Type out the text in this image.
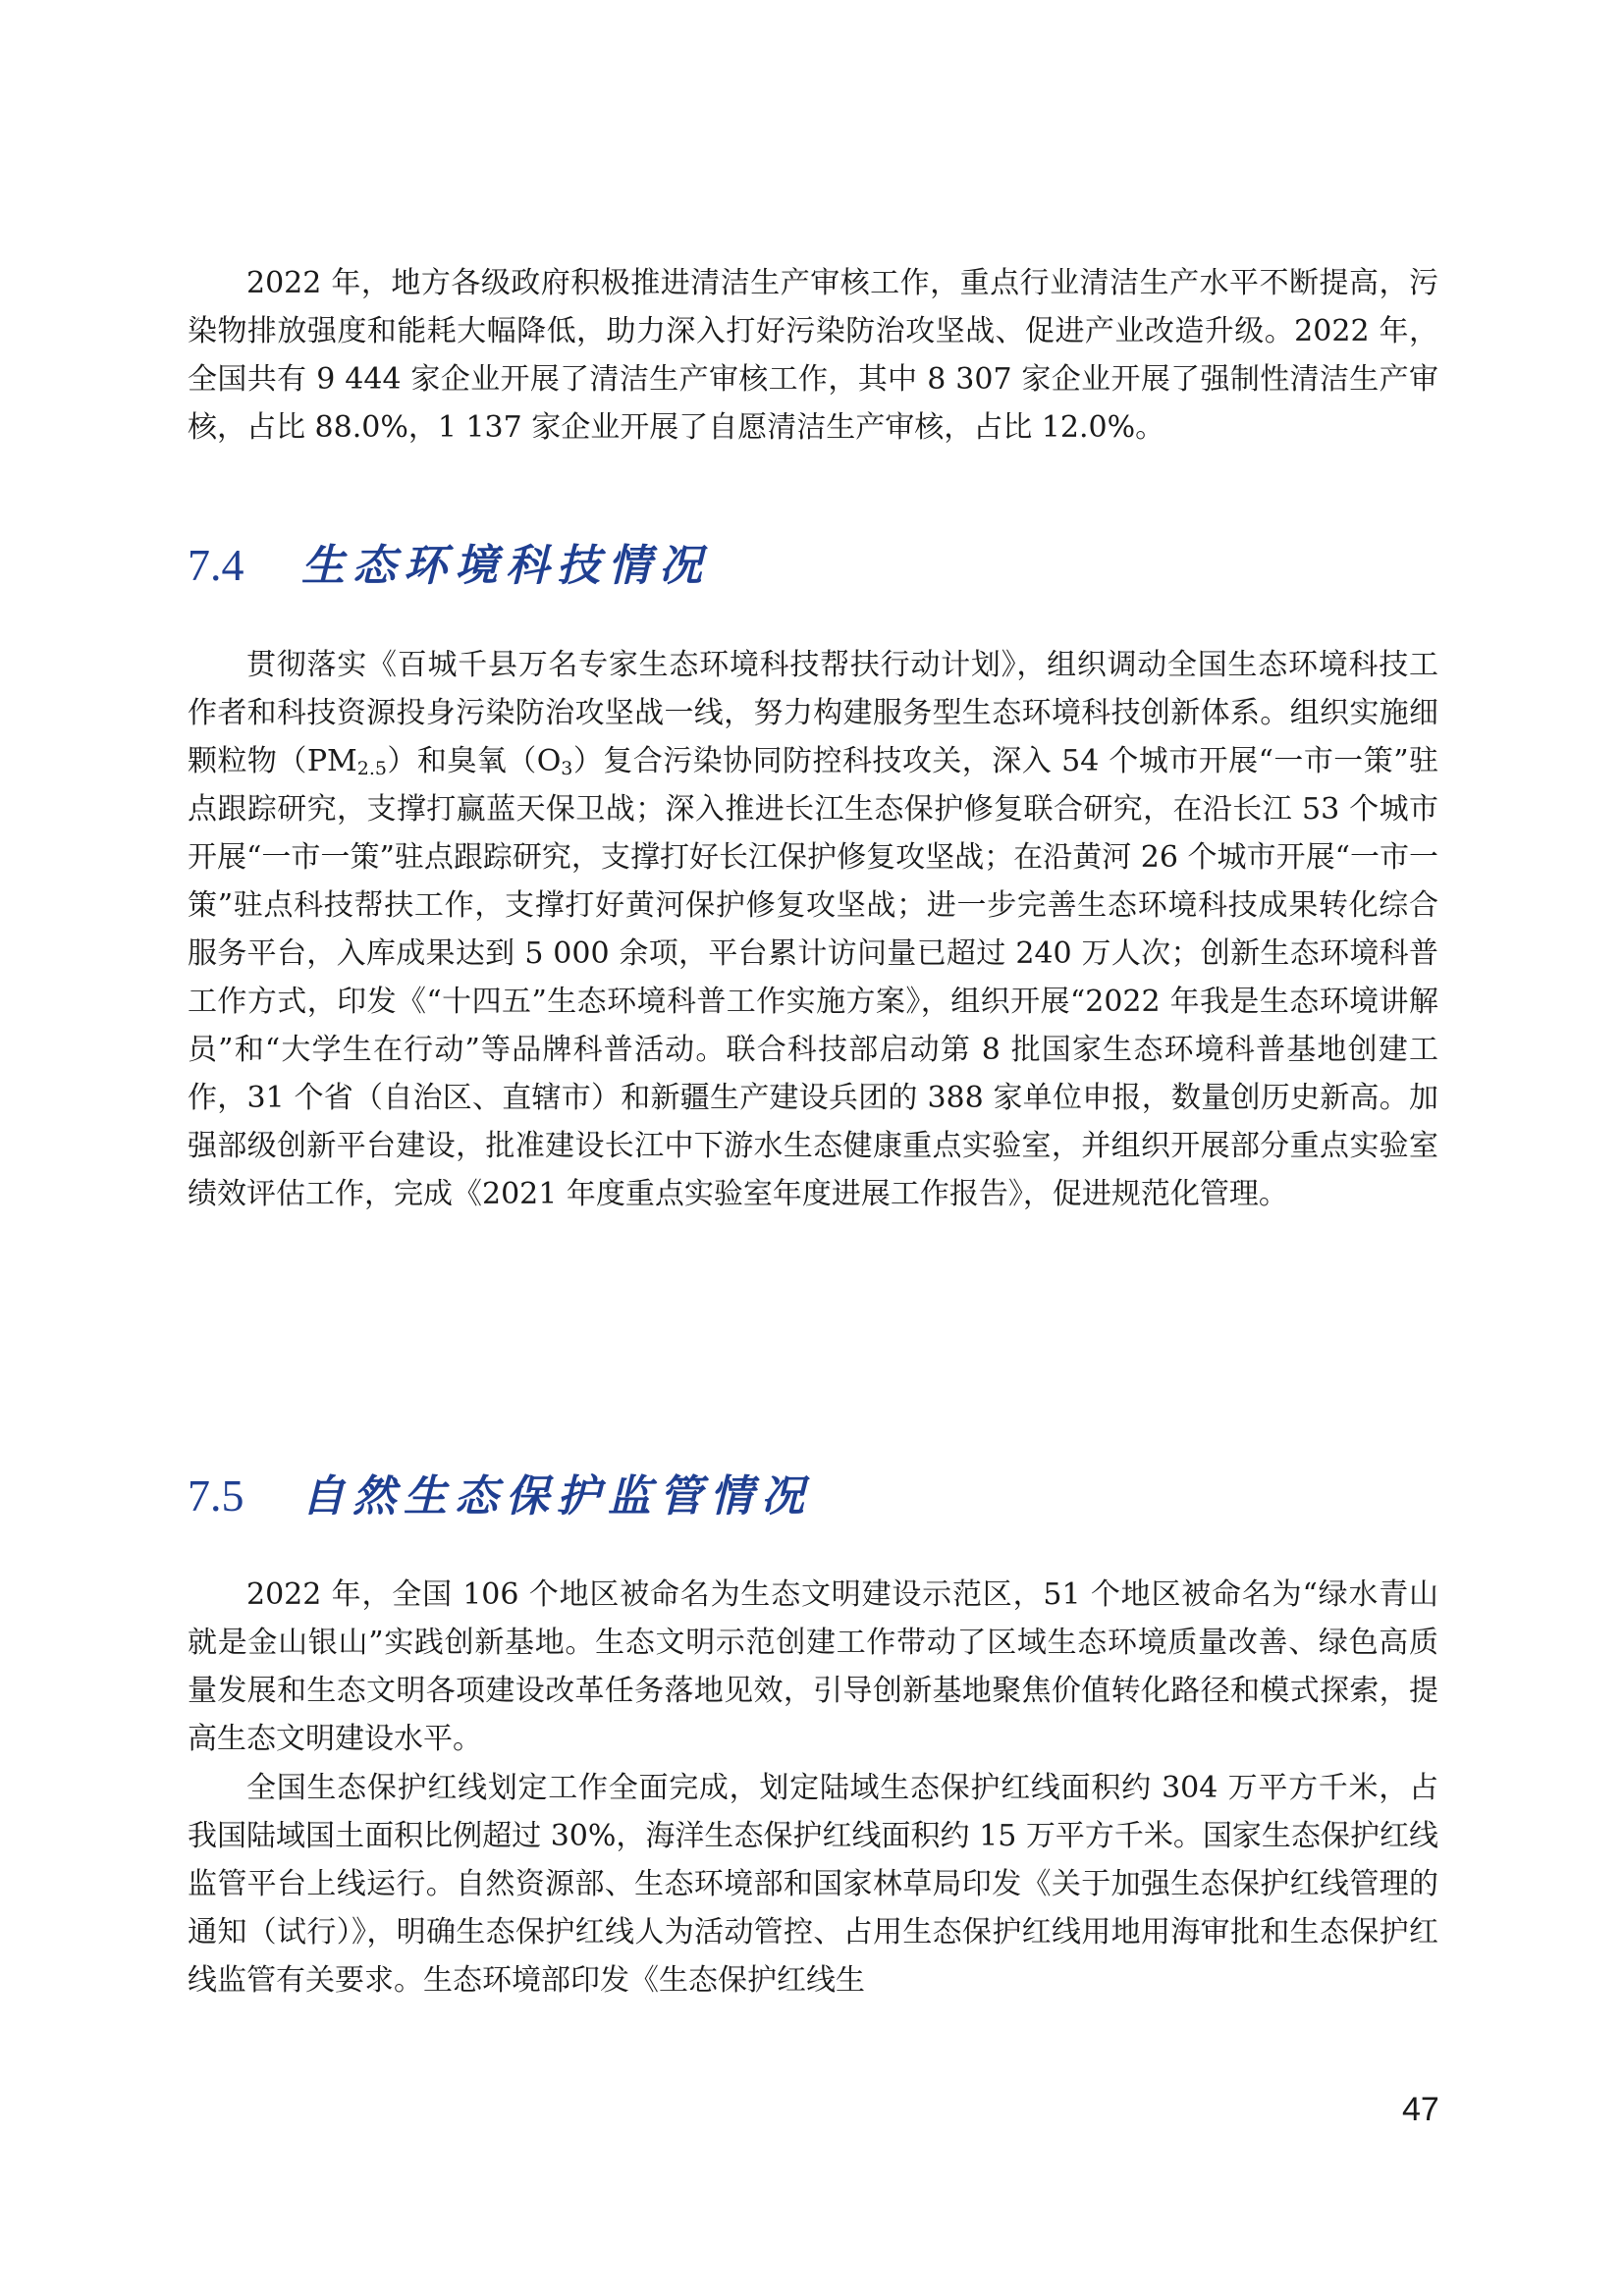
2022 年，地方各级政府积极推进清洁生产审核工作，重点行业清洁生产水平不断提高，污染物排放强度和能耗大幅降低，助力深入打好污染防治攻坚战、促进产业改造升级。2022 年，全国共有 9 444 家企业开展了清洁生产审核工作，其中 8 307 家企业开展了强制性清洁生产审核，占比 88.0%，1 137 家企业开展了自愿清洁生产审核，占比 12.0%。

7.4	生态环境科技情况

贯彻落实《百城千县万名专家生态环境科技帮扶行动计划》，组织调动全国生态环境科技工作者和科技资源投身污染防治攻坚战一线，努力构建服务型生态环境科技创新体系。组织实施细颗粒物$(PM_{2.5})$和臭氧$(O_3)$复合污染协同防控科技攻关，深入 54 个城市开展“一市一策”驻点跟踪研究，支撑打赢蓝天保卫战；深入推进长江生态保护修复联合研究，在沿长江 53 个城市开展“一市一策”驻点跟踪研究，支撑打好长江保护修复攻坚战；在沿黄河 26 个城市开展“一市一策”驻点科技帮扶工作，支撑打好黄河保护修复攻坚战；进一步完善生态环境科技成果转化综合服务平台，入库成果达到 5 000 余项，平台累计访问量已超过 240 万人次；创新生态环境科普工作方式，印发《“十四五”生态环境科普工作实施方案》，组织开展“2022 年我是生态环境讲解员”和“大学生在行动”等品牌科普活动。联合科技部启动第 8 批国家生态环境科普基地创建工作，31 个省（自治区、直辖市）和新疆生产建设兵团的 388 家单位申报，数量创历史新高。加强部级创新平台建设，批准建设长江中下游水生态健康重点实验室，并组织开展部分重点实验室绩效评估工作，完成《2021 年度重点实验室年度进展工作报告》，促进规范化管理。

7.5	自然生态保护监管情况

2022 年，全国 106 个地区被命名为生态文明建设示范区，51 个地区被命名为“绿水青山就是金山银山”实践创新基地。生态文明示范创建工作带动了区域生态环境质量改善、绿色高质量发展和生态文明各项建设改革任务落地见效，引导创新基地聚焦价值转化路径和模式探索，提高生态文明建设水平。

全国生态保护红线划定工作全面完成，划定陆域生态保护红线面积约 304 万平方千米，占我国陆域国土面积比例超过 30%，海洋生态保护红线面积约 15 万平方千米。国家生态保护红线监管平台上线运行。自然资源部、生态环境部和国家林草局印发《关于加强生态保护红线管理的通知（试行）》，明确生态保护红线人为活动管控、占用生态保护红线用地用海审批和生态保护红线监管有关要求。生态环境部印发《生态保护红线生

47
